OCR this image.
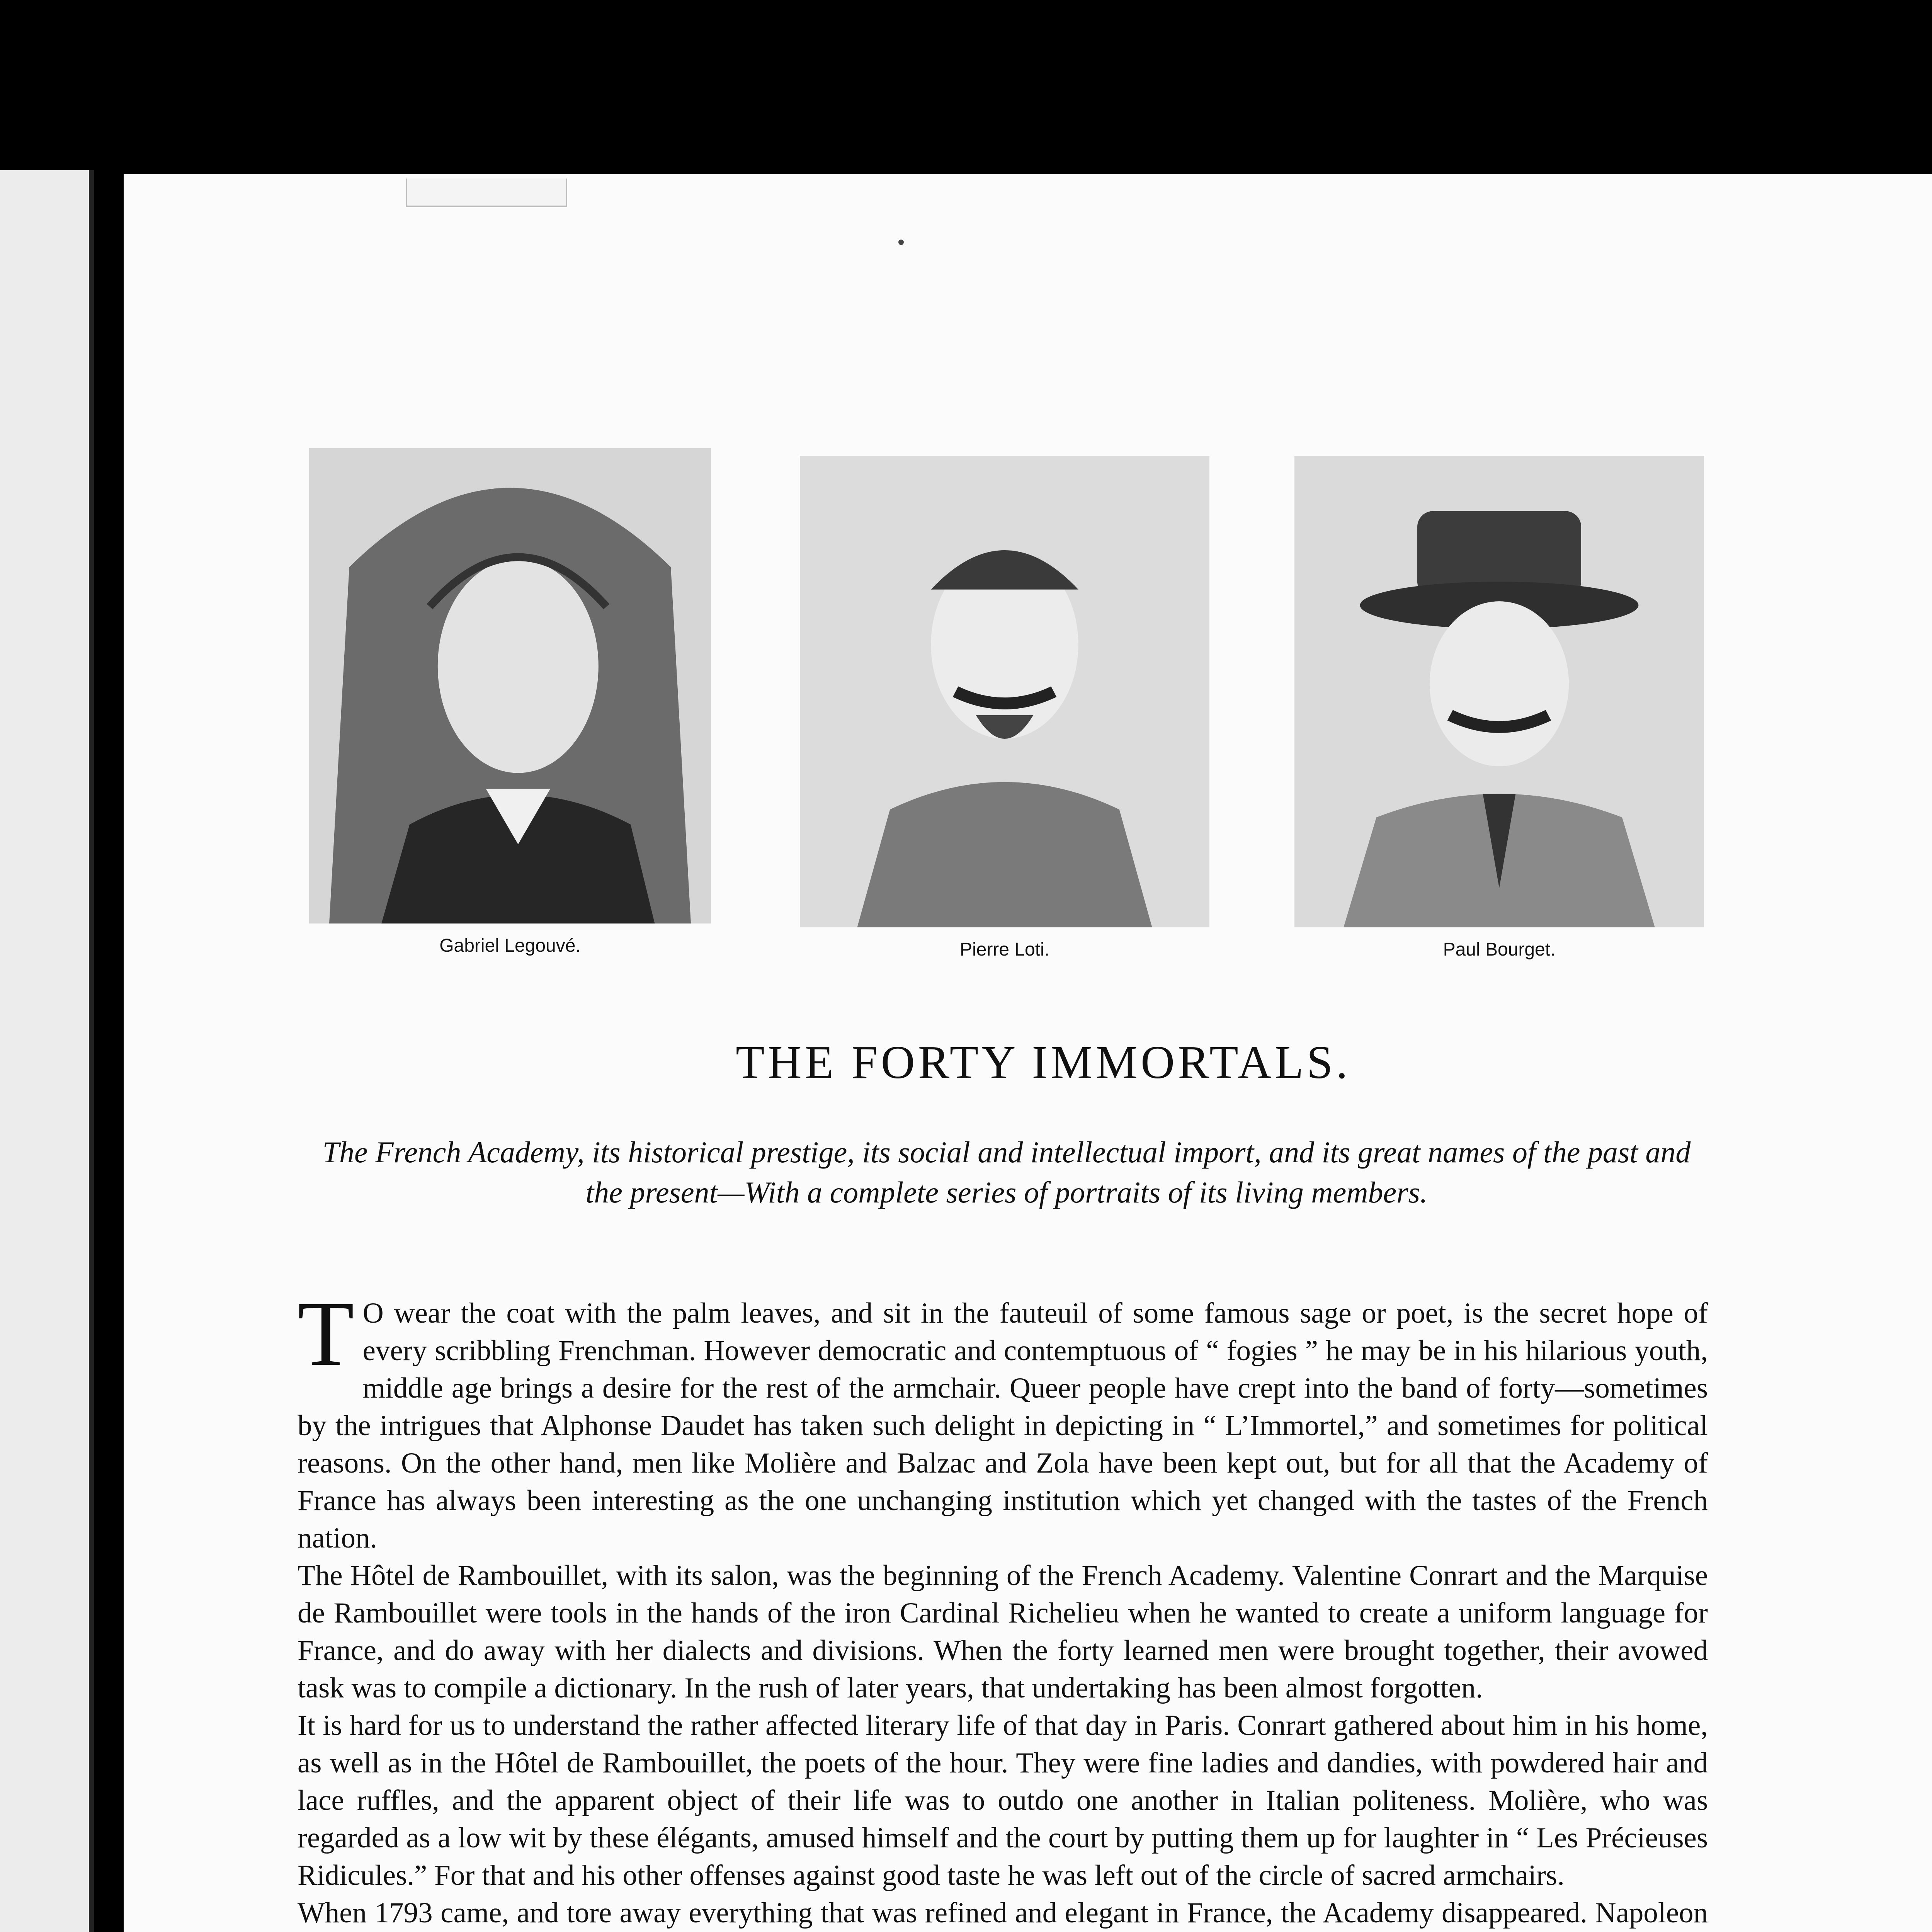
Gabriel Legouvé.	Pierre Loti.	Paul Bourget.
THE FORTY IMMORTALS.
The French Academy, its historical prestige, its social and intellectual import, and its great names of the past and the present—With a complete series of portraits of its living members.

T O wear the coat with the palm leaves, and sit in the fauteuil of some famous sage or poet, is the secret hope of every scribbling Frenchman. However democratic and contemptuous of “ fogies ” he may be in his hilarious youth, middle age brings a desire for the rest of the armchair. Queer people have crept into the band of forty—sometimes by the intrigues that Alphonse Daudet has taken such delight in depicting in “ L’Immortel,” and sometimes for political reasons. On the other hand, men like Molière and Balzac and Zola have been kept out, but for all that the Academy of France has always been interesting as the one unchanging institution which yet changed with the tastes of the French nation.

The Hôtel de Rambouillet, with its salon, was the beginning of the French Academy. Valentine Conrart and the Marquise de Rambouillet were tools in the hands of the iron Cardinal Richelieu when he wanted to create a uniform language for France, and do away with her dialects and divisions. When the forty learned men were brought together, their avowed task was to compile a dictionary. In the rush of later years, that undertaking has been almost forgotten.

It is hard for us to understand the rather affected literary life of that day in Paris. Conrart gathered about him in his home, as well as in the Hôtel de Rambouillet, the poets of the hour. They were fine ladies and dandies, with powdered hair and lace ruffles, and the apparent object of their life was to outdo one another in Italian politeness. Molière, who was regarded as a low wit by these élégants, amused himself and the court by putting them up for laughter in “ Les Précieuses Ridicules.” For that and his other offenses against good taste he was left out of the circle of sacred armchairs.

When 1793 came, and tore away everything that was refined and elegant in France, the Academy disappeared. Napoleon
